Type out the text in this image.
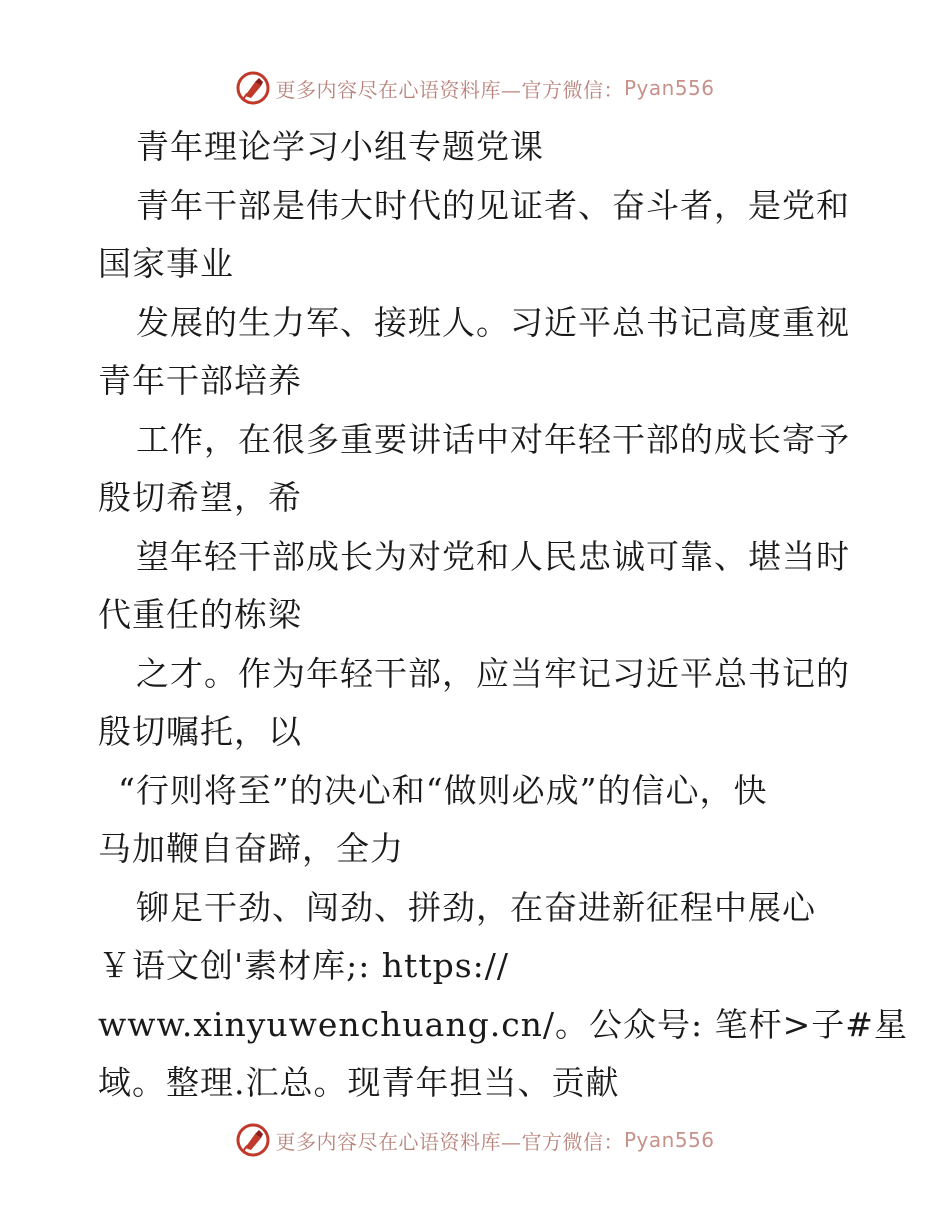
更多内容尽在心语资料库—官方微信： Pyan556
青年理论学习小组专题党课
青年干部是伟大时代的见证者、奋斗者，是党和
国家事业
发展的生力军、接班人。习近平总书记高度重视
青年干部培养
工作，在很多重要讲话中对年轻干部的成长寄予
殷切希望，希
望年轻干部成长为对党和人民忠诚可靠、堪当时
代重任的栋梁
之才。作为年轻干部，应当牢记习近平总书记的
殷切嘱托，以
“行则将至”的决心和“做则必成”的信心，快
马加鞭自奋蹄，全力
铆足干劲、闯劲、拼劲，在奋进新征程中展心
￥语文创'素材库;: https://
www.xinyuwenchuang.cn/。公众号: 笔杆>子#星
域。整理.汇总。现青年担当、贡献
更多内容尽在心语资料库—官方微信： Pyan556
